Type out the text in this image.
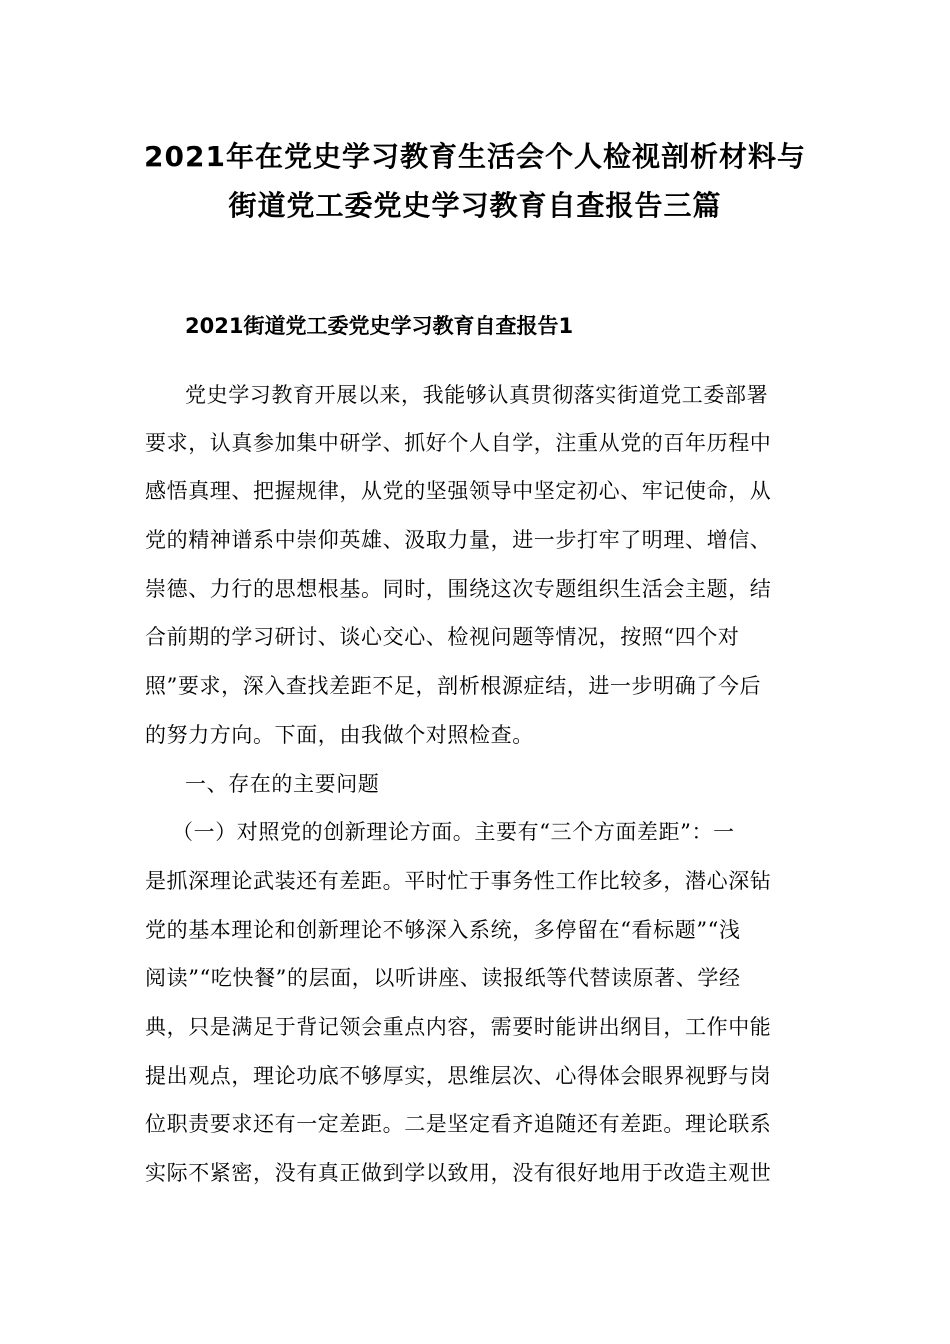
2021年在党史学习教育生活会个人检视剖析材料与
街道党工委党史学习教育自查报告三篇
2021街道党工委党史学习教育自查报告1
党史学习教育开展以来，我能够认真贯彻落实街道党工委部署
要求，认真参加集中研学、抓好个人自学，注重从党的百年历程中
感悟真理、把握规律，从党的坚强领导中坚定初心、牢记使命，从
党的精神谱系中崇仰英雄、汲取力量，进一步打牢了明理、增信、
崇德、力行的思想根基。同时，围绕这次专题组织生活会主题，结
合前期的学习研讨、谈心交心、检视问题等情况，按照“四个对
照”要求，深入查找差距不足，剖析根源症结，进一步明确了今后
的努力方向。下面，由我做个对照检查。
一、存在的主要问题
（一）对照党的创新理论方面。主要有“三个方面差距”：一
是抓深理论武装还有差距。平时忙于事务性工作比较多，潜心深钻
党的基本理论和创新理论不够深入系统，多停留在“看标题”“浅
阅读”“吃快餐”的层面，以听讲座、读报纸等代替读原著、学经
典，只是满足于背记领会重点内容，需要时能讲出纲目，工作中能
提出观点，理论功底不够厚实，思维层次、心得体会眼界视野与岗
位职责要求还有一定差距。二是坚定看齐追随还有差距。理论联系
实际不紧密，没有真正做到学以致用，没有很好地用于改造主观世
